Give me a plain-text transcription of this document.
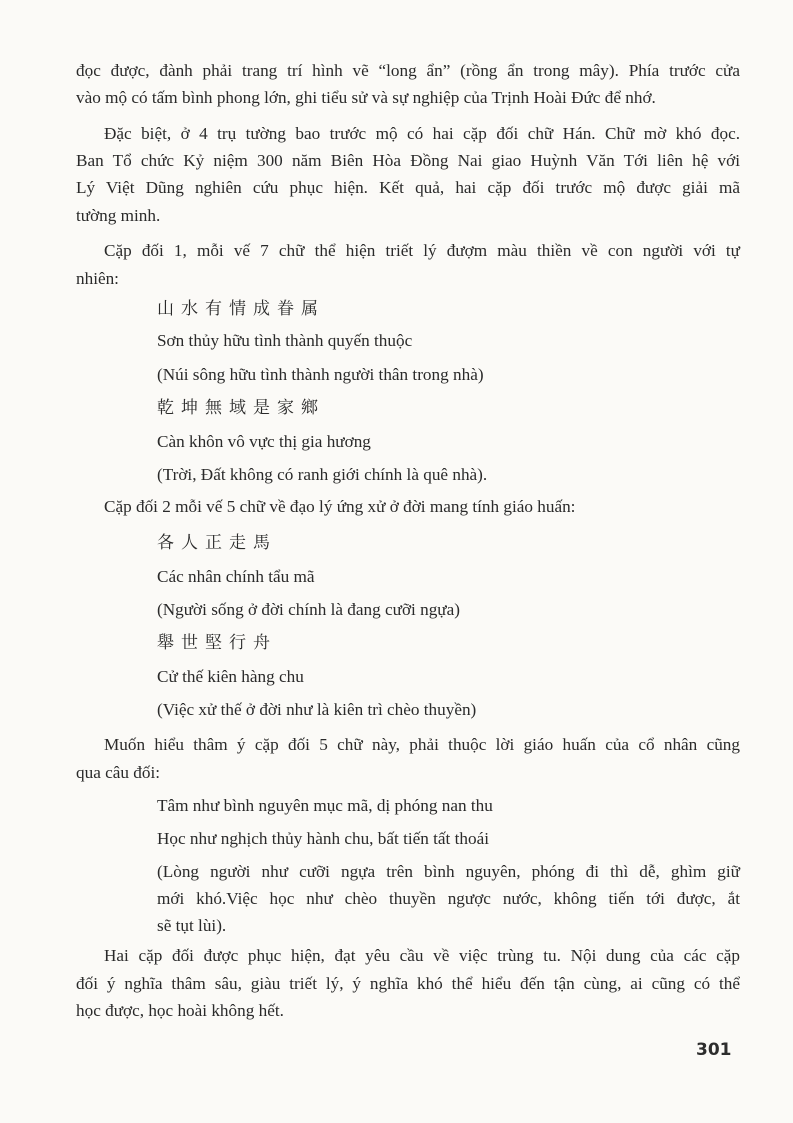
đọc được, đành phải trang trí hình vẽ “long ẩn” (rồng ẩn trong mây). Phía trước cửa
vào mộ có tấm bình phong lớn, ghi tiểu sử và sự nghiệp của Trịnh Hoài Đức để nhớ.
Đặc biệt, ở 4 trụ tường bao trước mộ có hai cặp đối chữ Hán. Chữ mờ khó đọc.
Ban Tổ chức Kỷ niệm 300 năm Biên Hòa Đồng Nai giao Huỳnh Văn Tới liên hệ với
Lý Việt Dũng nghiên cứu phục hiện. Kết quả, hai cặp đối trước mộ được giải mã
tường minh.
Cặp đối 1, mỗi vế 7 chữ thể hiện triết lý đượm màu thiền về con người với tự
nhiên:
山水有情成眷属
Sơn thủy hữu tình thành quyến thuộc
(Núi sông hữu tình thành người thân trong nhà)
乾坤無域是家鄉
Càn khôn vô vực thị gia hương
(Trời, Đất không có ranh giới chính là quê nhà).
Cặp đối 2 mỗi vế 5 chữ về đạo lý ứng xử ở đời mang tính giáo huấn:
各人正走馬
Các nhân chính tẩu mã
(Người sống ở đời chính là đang cưỡi ngựa)
舉世堅行舟
Cử thế kiên hàng chu
(Việc xử thế ở đời như là kiên trì chèo thuyền)
Muốn hiểu thâm ý cặp đối 5 chữ này, phải thuộc lời giáo huấn của cổ nhân cũng
qua câu đối:
Tâm như bình nguyên mục mã, dị phóng nan thu
Học như nghịch thủy hành chu, bất tiến tất thoái
(Lòng người như cưỡi ngựa trên bình nguyên, phóng đi thì dễ, ghìm giữ
mới khó.Việc học như chèo thuyền ngược nước, không tiến tới được, ắt
sẽ tụt lùi).
Hai cặp đối được phục hiện, đạt yêu cầu về việc trùng tu. Nội dung của các cặp
đối ý nghĩa thâm sâu, giàu triết lý, ý nghĩa khó thể hiểu đến tận cùng, ai cũng có thể
học được, học hoài không hết.
301
